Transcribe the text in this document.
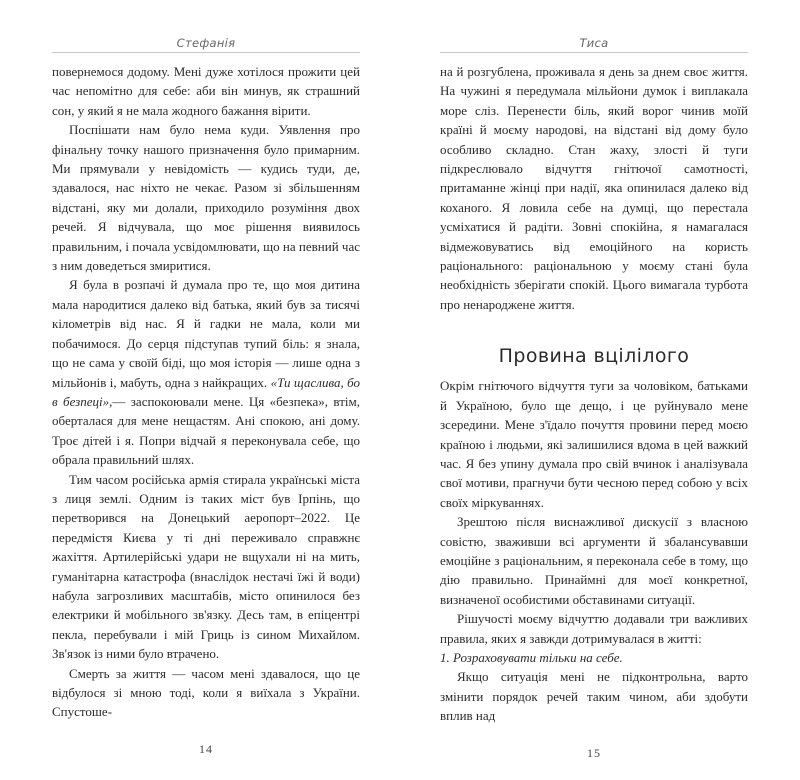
Стефанія

повернемося додому. Мені дуже хотілося прожити цей час непомітно для себе: аби він минув, як страшний сон, у який я не мала жодного бажання вірити.

Поспішати нам було нема куди. Уявлення про фінальну точку нашого призначення було примарним. Ми прямували у невідомість — кудись туди, де, здавалося, нас ніхто не чекає. Разом зі збільшенням відстані, яку ми долали, приходило розуміння двох речей. Я відчувала, що моє рішення виявилось правильним, і почала усвідомлювати, що на певний час з ним доведеться змиритися.

Я була в розпачі й думала про те, що моя дитина мала народитися далеко від батька, який був за тисячі кілометрів від нас. Я й гадки не мала, коли ми побачимося. До серця підступав тупий біль: я знала, що не сама у своїй біді, що моя історія — лише одна з мільйонів і, мабуть, одна з найкращих. «Ти щаслива, бо в безпеці»,— заспокоювали мене. Ця «безпека», втім, оберталася для мене нещастям. Ані спокою, ані дому. Троє дітей і я. Попри відчай я переконувала себе, що обрала правильний шлях.

Тим часом російська армія стирала українські міста з лиця землі. Одним із таких міст був Ірпінь, що перетворився на Донецький аеропорт–2022. Це передмістя Києва у ті дні переживало справжнє жахіття. Артилерійські удари не вщухали ні на мить, гуманітарна катастрофа (внаслідок нестачі їжі й води) набула загрозливих масштабів, місто опинилося без електрики й мобільного зв'язку. Десь там, в епіцентрі пекла, перебували і мій Гриць із сином Михайлом. Зв'язок із ними було втрачено.

Смерть за життя — часом мені здавалося, що це відбулося зі мною тоді, коли я виїхала з України. Спустоше-

14
Тиса

на й розгублена, проживала я день за днем своє життя. На чужині я передумала мільйони думок і виплакала море сліз. Перенести біль, який ворог чинив моїй країні й моєму народові, на відстані від дому було особливо складно. Стан жаху, злості й туги підкреслювало відчуття гнітючої самотності, притаманне жінці при надії, яка опинилася далеко від коханого. Я ловила себе на думці, що перестала усміхатися й радіти. Зовні спокійна, я намагалася відмежовуватись від емоційного на користь раціонального: раціональною у моєму стані була необхідність зберігати спокій. Цього вимагала турбота про ненароджене життя.

Провина вцілілого

Окрім гнітючого відчуття туги за чоловіком, батьками й Україною, було ще дещо, і це руйнувало мене зсередини. Мене з'їдало почуття провини перед моєю країною і людьми, які залишилися вдома в цей важкий час. Я без упину думала про свій вчинок і аналізувала свої мотиви, прагнучи бути чесною перед собою у всіх своїх міркуваннях.

Зрештою після виснажливої дискусії з власною совістю, зваживши всі аргументи й збалансувавши емоційне з раціональним, я переконала себе в тому, що дію правильно. Принаймні для моєї конкретної, визначеної особистими обставинами ситуації.

Рішучості моєму відчуттю додавали три важливих правила, яких я завжди дотримувалася в житті:

1. Розраховувати тільки на себе.

Якщо ситуація мені не підконтрольна, варто змінити порядок речей таким чином, аби здобути вплив над

15
